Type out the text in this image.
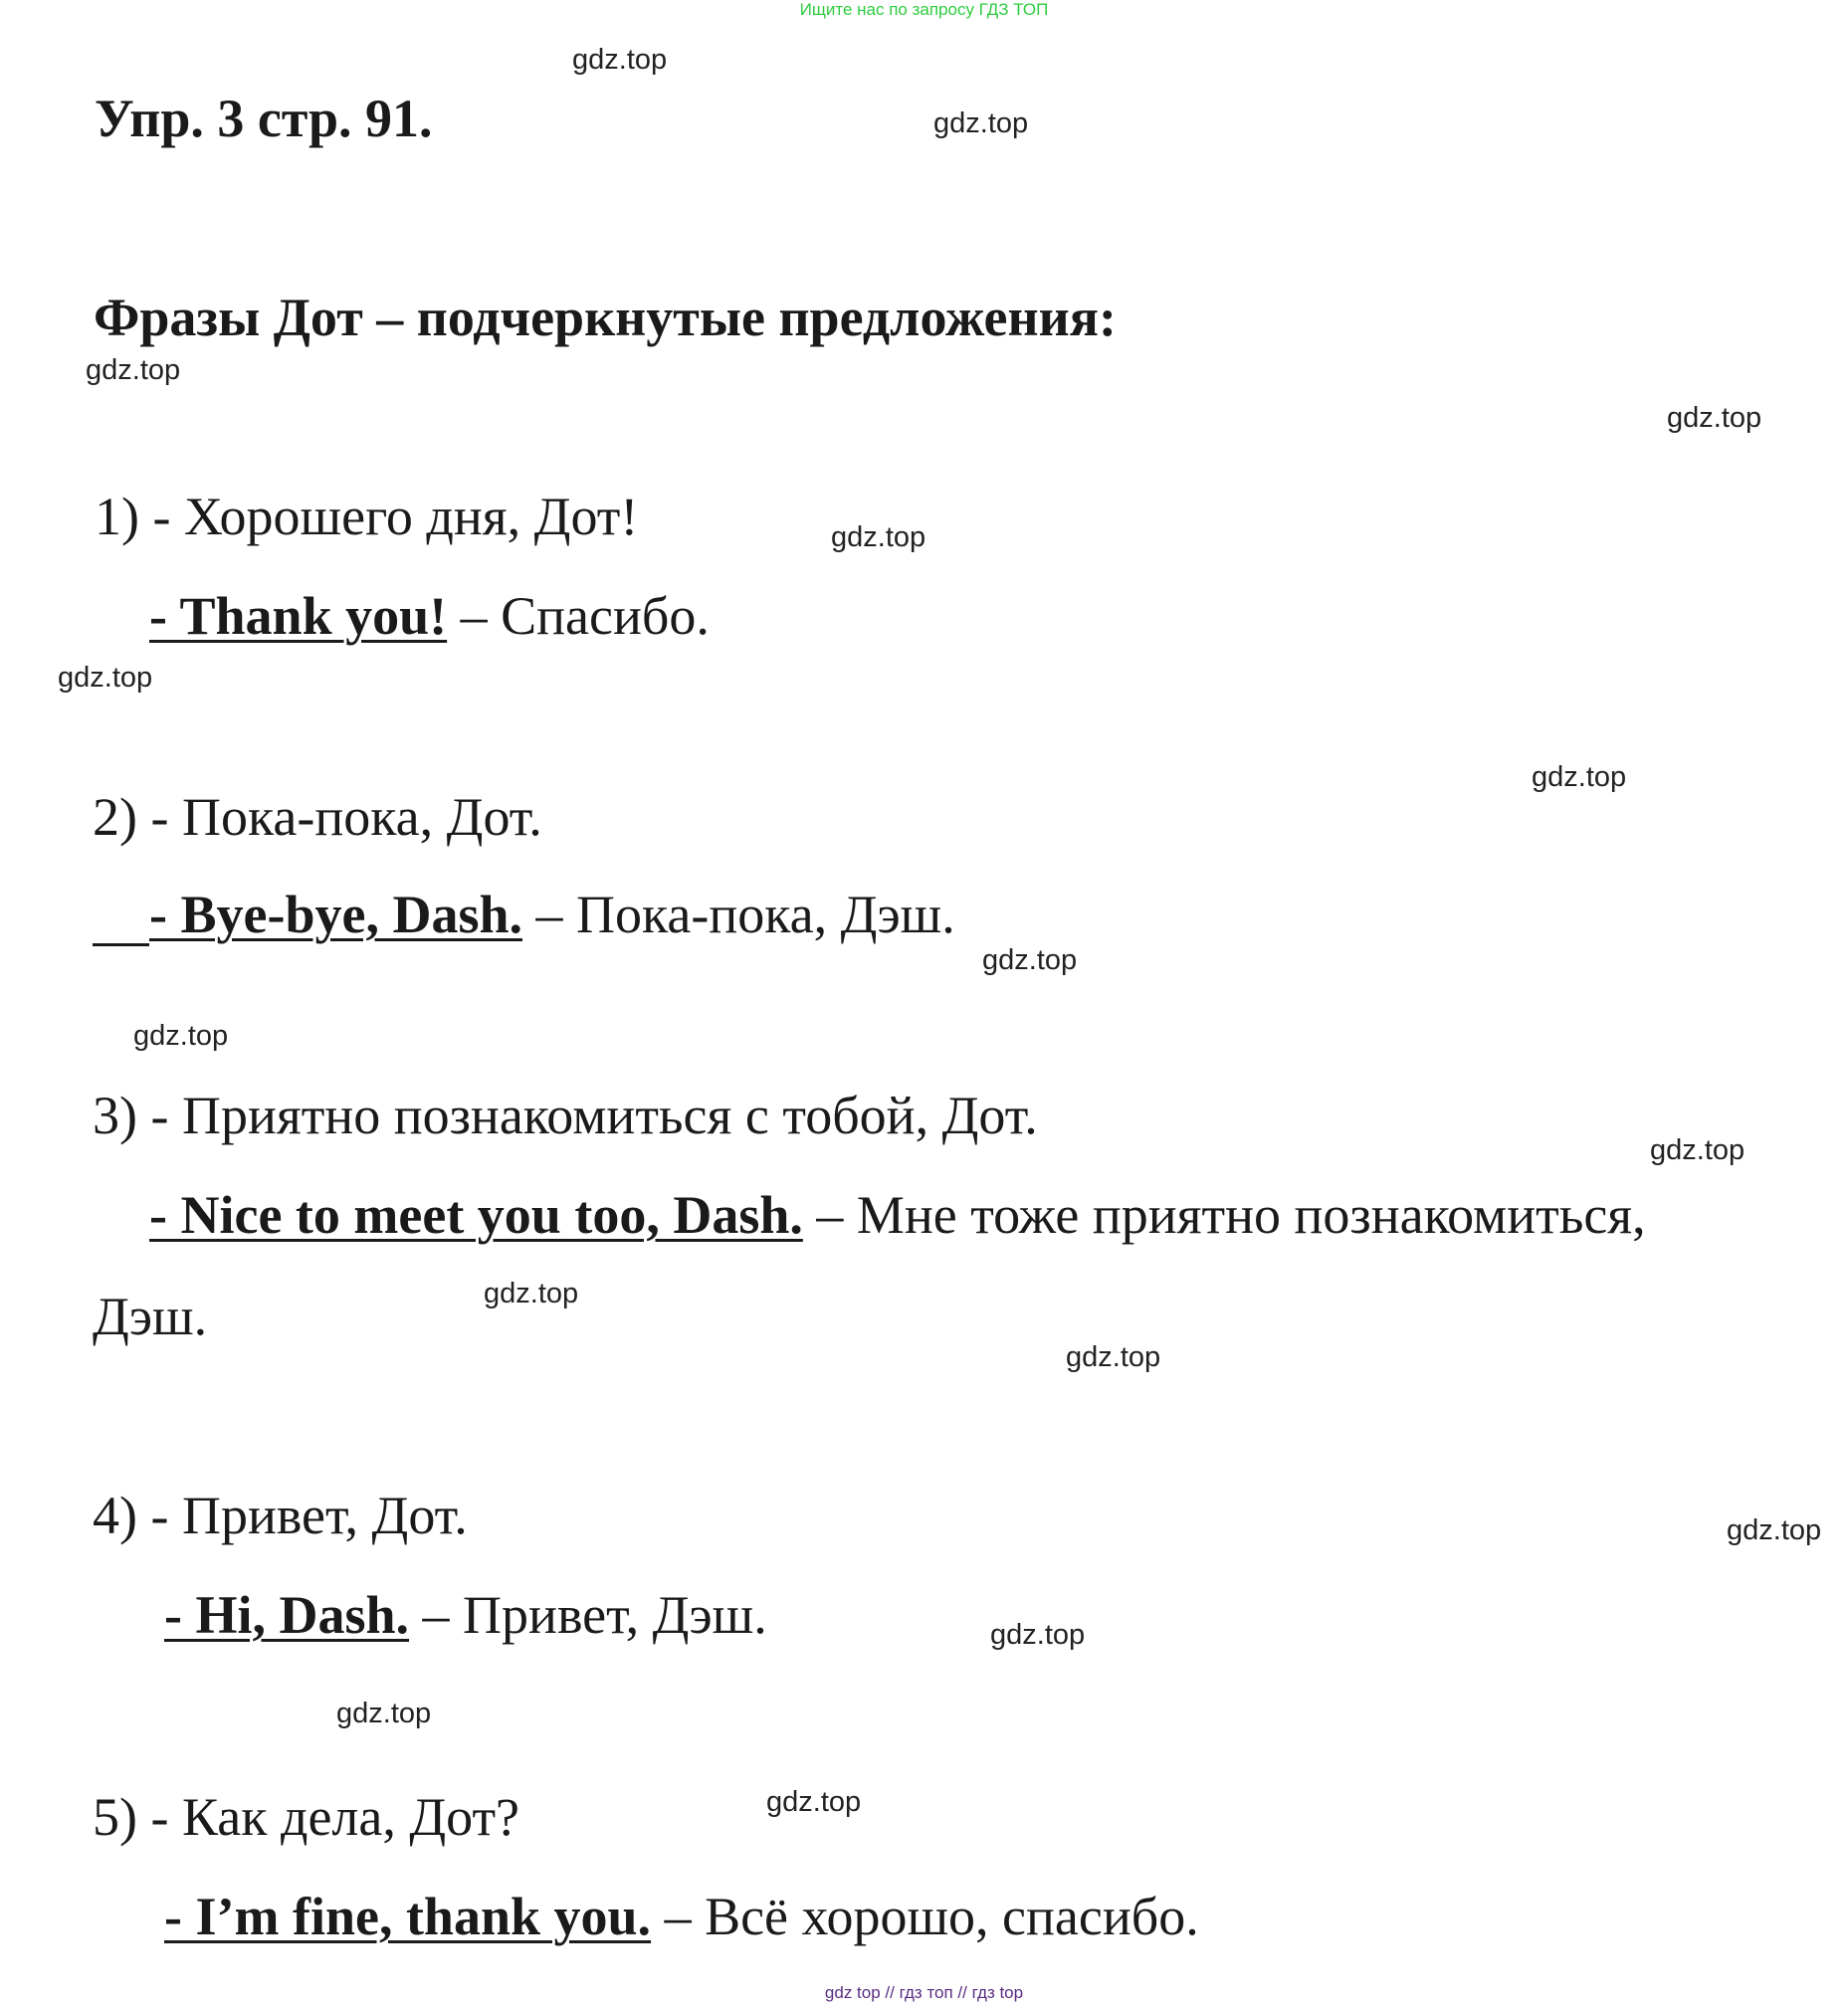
Ищите нас по запросу ГДЗ ТОП
gdz.top
gdz.top
gdz.top
gdz.top
gdz.top
gdz.top
gdz.top
gdz.top
gdz.top
gdz.top
gdz.top
gdz.top
gdz.top
gdz.top
gdz.top
gdz.top
Упр. 3 стр. 91.
Фразы Дот – подчеркнутые предложения:
1) - Хорошего дня, Дот!
- Thank you! – Спасибо.
2) - Пока-пока, Дот.
- Bye-bye, Dash. – Пока-пока, Дэш.
3) - Приятно познакомиться с тобой, Дот.
- Nice to meet you too, Dash. – Мне тоже приятно познакомиться,
Дэш.
4) - Привет, Дот.
- Hi, Dash. – Привет, Дэш.
5) - Как дела, Дот?
- I’m fine, thank you. – Всё хорошо, спасибо.
gdz top // гдз топ // гдз top
